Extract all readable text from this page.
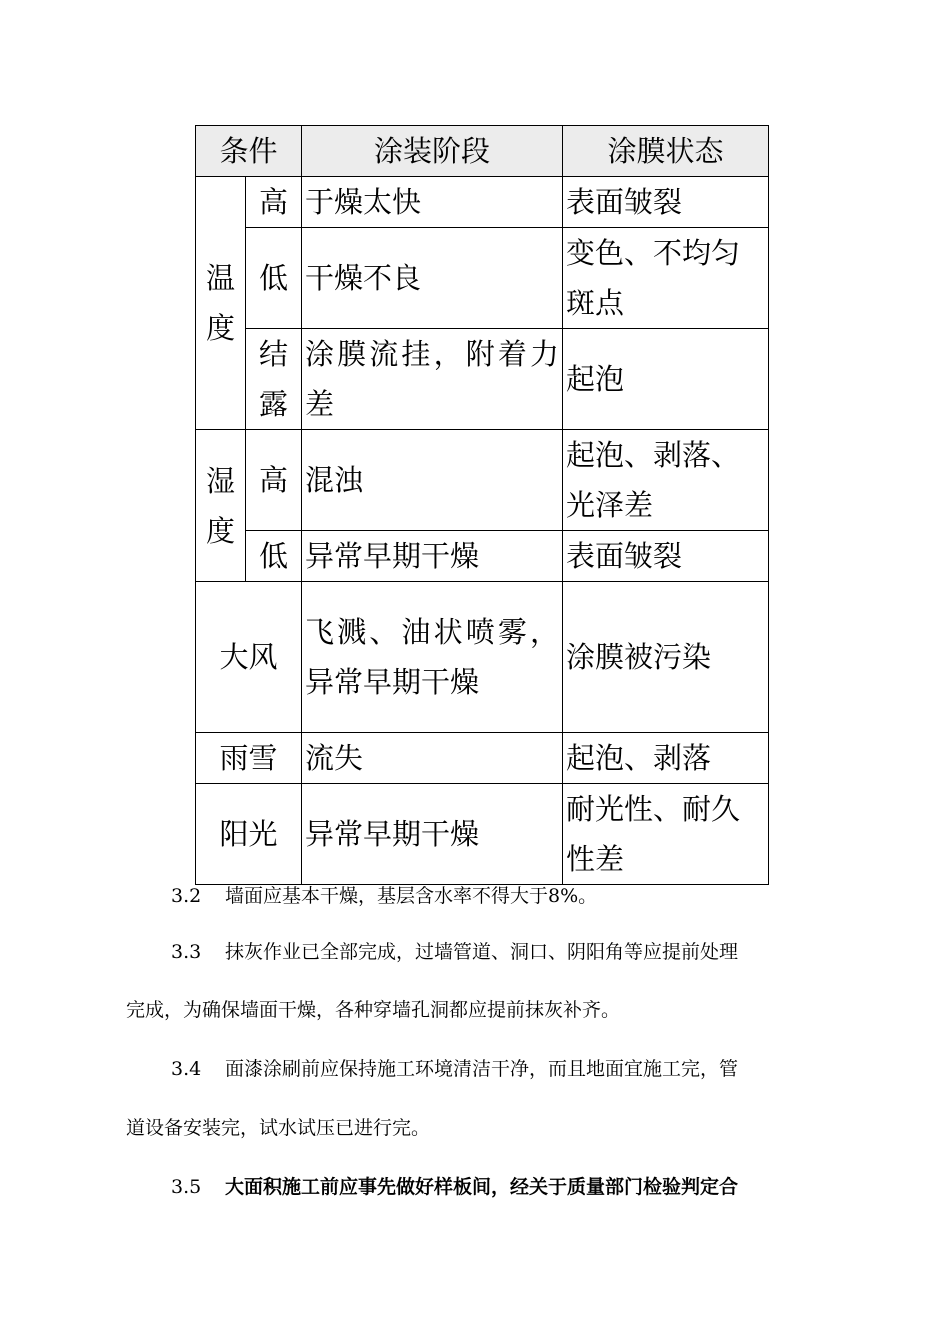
条件		涂装阶段	涂膜状态
温度	高	于燥太快	表面皱裂
	低	干燥不良	变色、不均匀斑点
	结露	涂膜流挂，附着力差	起泡
湿度	高	混浊	起泡、剥落、光泽差
	低	异常早期干燥	表面皱裂
大风		飞溅、油状喷雾，异常早期干燥	涂膜被污染
雨雪		流失	起泡、剥落
阳光		异常早期干燥	耐光性、耐久性差
3.2 墙面应基本干燥，基层含水率不得大于8%。
3.3 抹灰作业已全部完成，过墙管道、洞口、阴阳角等应提前处理
完成，为确保墙面干燥，各种穿墙孔洞都应提前抹灰补齐。
3.4 面漆涂刷前应保持施工环境清洁干净，而且地面宜施工完，管
道设备安装完，试水试压已进行完。
3.5 大面积施工前应事先做好样板间，经关于质量部门检验判定合
